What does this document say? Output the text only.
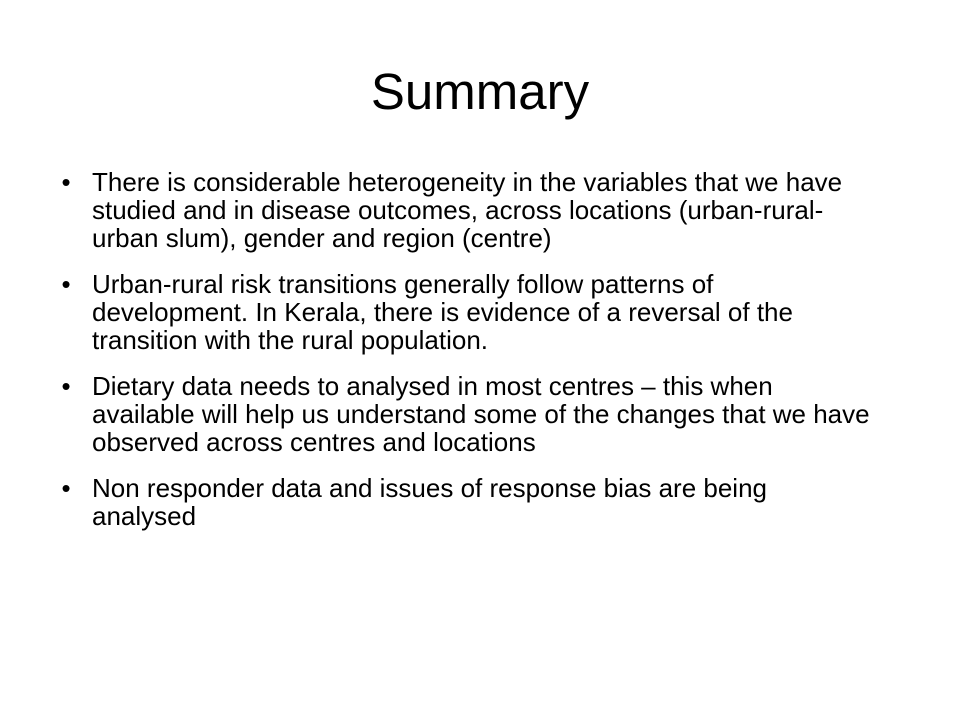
Summary
• There is considerable heterogeneity in the variables that we have studied and in disease outcomes, across locations (urban-rural-urban slum), gender and region (centre)
• Urban-rural risk transitions generally follow patterns of development. In Kerala, there is evidence of a reversal of the transition with the rural population.
• Dietary data needs to analysed in most centres – this when available will help us understand some of the changes that we have observed across centres and locations
• Non responder data and issues of response bias are being analysed
